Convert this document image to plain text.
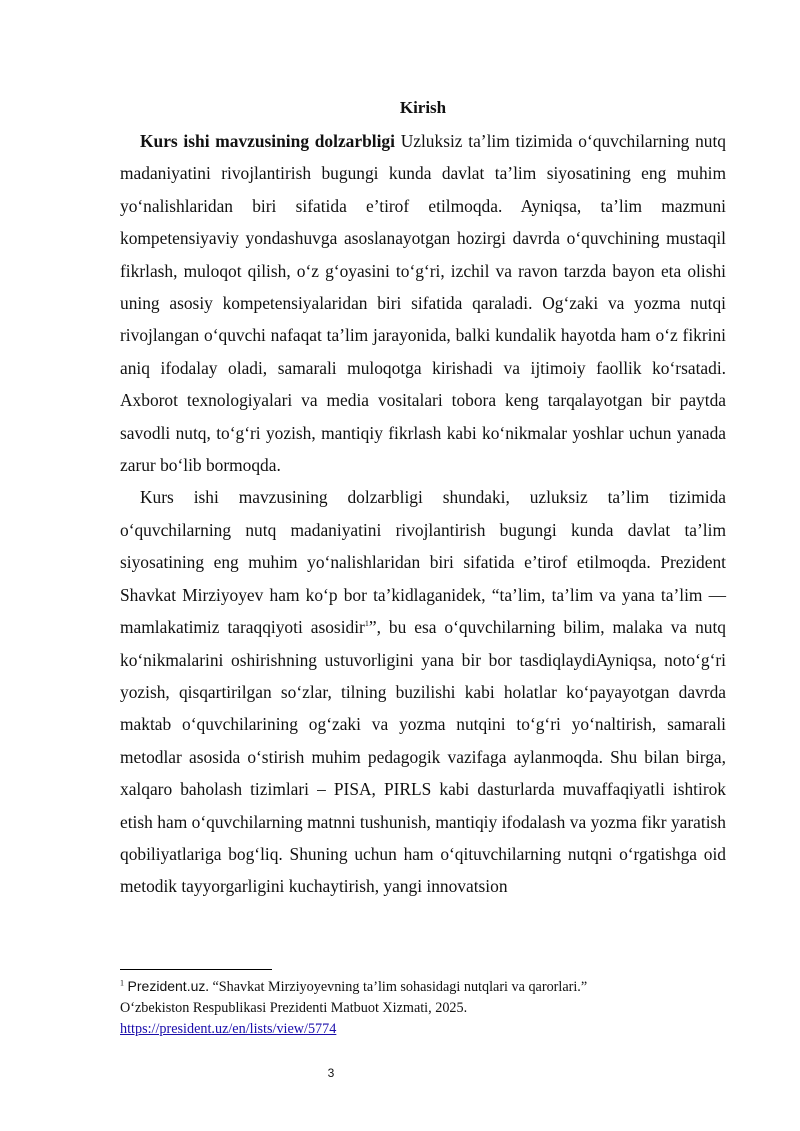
Kirish

Kurs ishi mavzusining dolzarbligi Uzluksiz ta’lim tizimida o‘quvchilarning nutq madaniyatini rivojlantirish bugungi kunda davlat ta’lim siyosatining eng muhim yo‘nalishlaridan biri sifatida e’tirof etilmoqda. Ayniqsa, ta’lim mazmuni kompetensiyaviy yondashuvga asoslanayotgan hozirgi davrda o‘quvchining mustaqil fikrlash, muloqot qilish, o‘z g‘oyasini to‘g‘ri, izchil va ravon tarzda bayon eta olishi uning asosiy kompetensiyalaridan biri sifatida qaraladi. Og‘zaki va yozma nutqi rivojlangan o‘quvchi nafaqat ta’lim jarayonida, balki kundalik hayotda ham o‘z fikrini aniq ifodalay oladi, samarali muloqotga kirishadi va ijtimoiy faollik ko‘rsatadi. Axborot texnologiyalari va media vositalari tobora keng tarqalayotgan bir paytda savodli nutq, to‘g‘ri yozish, mantiqiy fikrlash kabi ko‘nikmalar yoshlar uchun yanada zarur bo‘lib bormoqda.

Kurs ishi mavzusining dolzarbligi shundaki, uzluksiz ta’lim tizimida o‘quvchilarning nutq madaniyatini rivojlantirish bugungi kunda davlat ta’lim siyosatining eng muhim yo‘nalishlaridan biri sifatida e’tirof etilmoqda. Prezident Shavkat Mirziyoyev ham ko‘p bor ta’kidlaganidek, “ta’lim, ta’lim va yana ta’lim — mamlakatimiz taraqqiyoti asosidir$^1$”, bu esa o‘quvchilarning bilim, malaka va nutq ko‘nikmalarini oshirishning ustuvorligini yana bir bor tasdiqlaydiAyniqsa, noto‘g‘ri yozish, qisqartirilgan so‘zlar, tilning buzilishi kabi holatlar ko‘payayotgan davrda maktab o‘quvchilarining og‘zaki va yozma nutqini to‘g‘ri yo‘naltirish, samarali metodlar asosida o‘stirish muhim pedagogik vazifaga aylanmoqda. Shu bilan birga, xalqaro baholash tizimlari – PISA, PIRLS kabi dasturlarda muvaffaqiyatli ishtirok etish ham o‘quvchilarning matnni tushunish, mantiqiy ifodalash va yozma fikr yaratish qobiliyatlariga bog‘liq. Shuning uchun ham o‘qituvchilarning nutqni o‘rgatishga oid metodik tayyorgarligini kuchaytirish, yangi innovatsion

$^1$ Prezident.uz. “Shavkat Mirziyoyevning ta’lim sohasidagi nutqlari va qarorlari.”
O‘zbekiston Respublikasi Prezidenti Matbuot Xizmati, 2025.
https://president.uz/en/lists/view/5774
3
